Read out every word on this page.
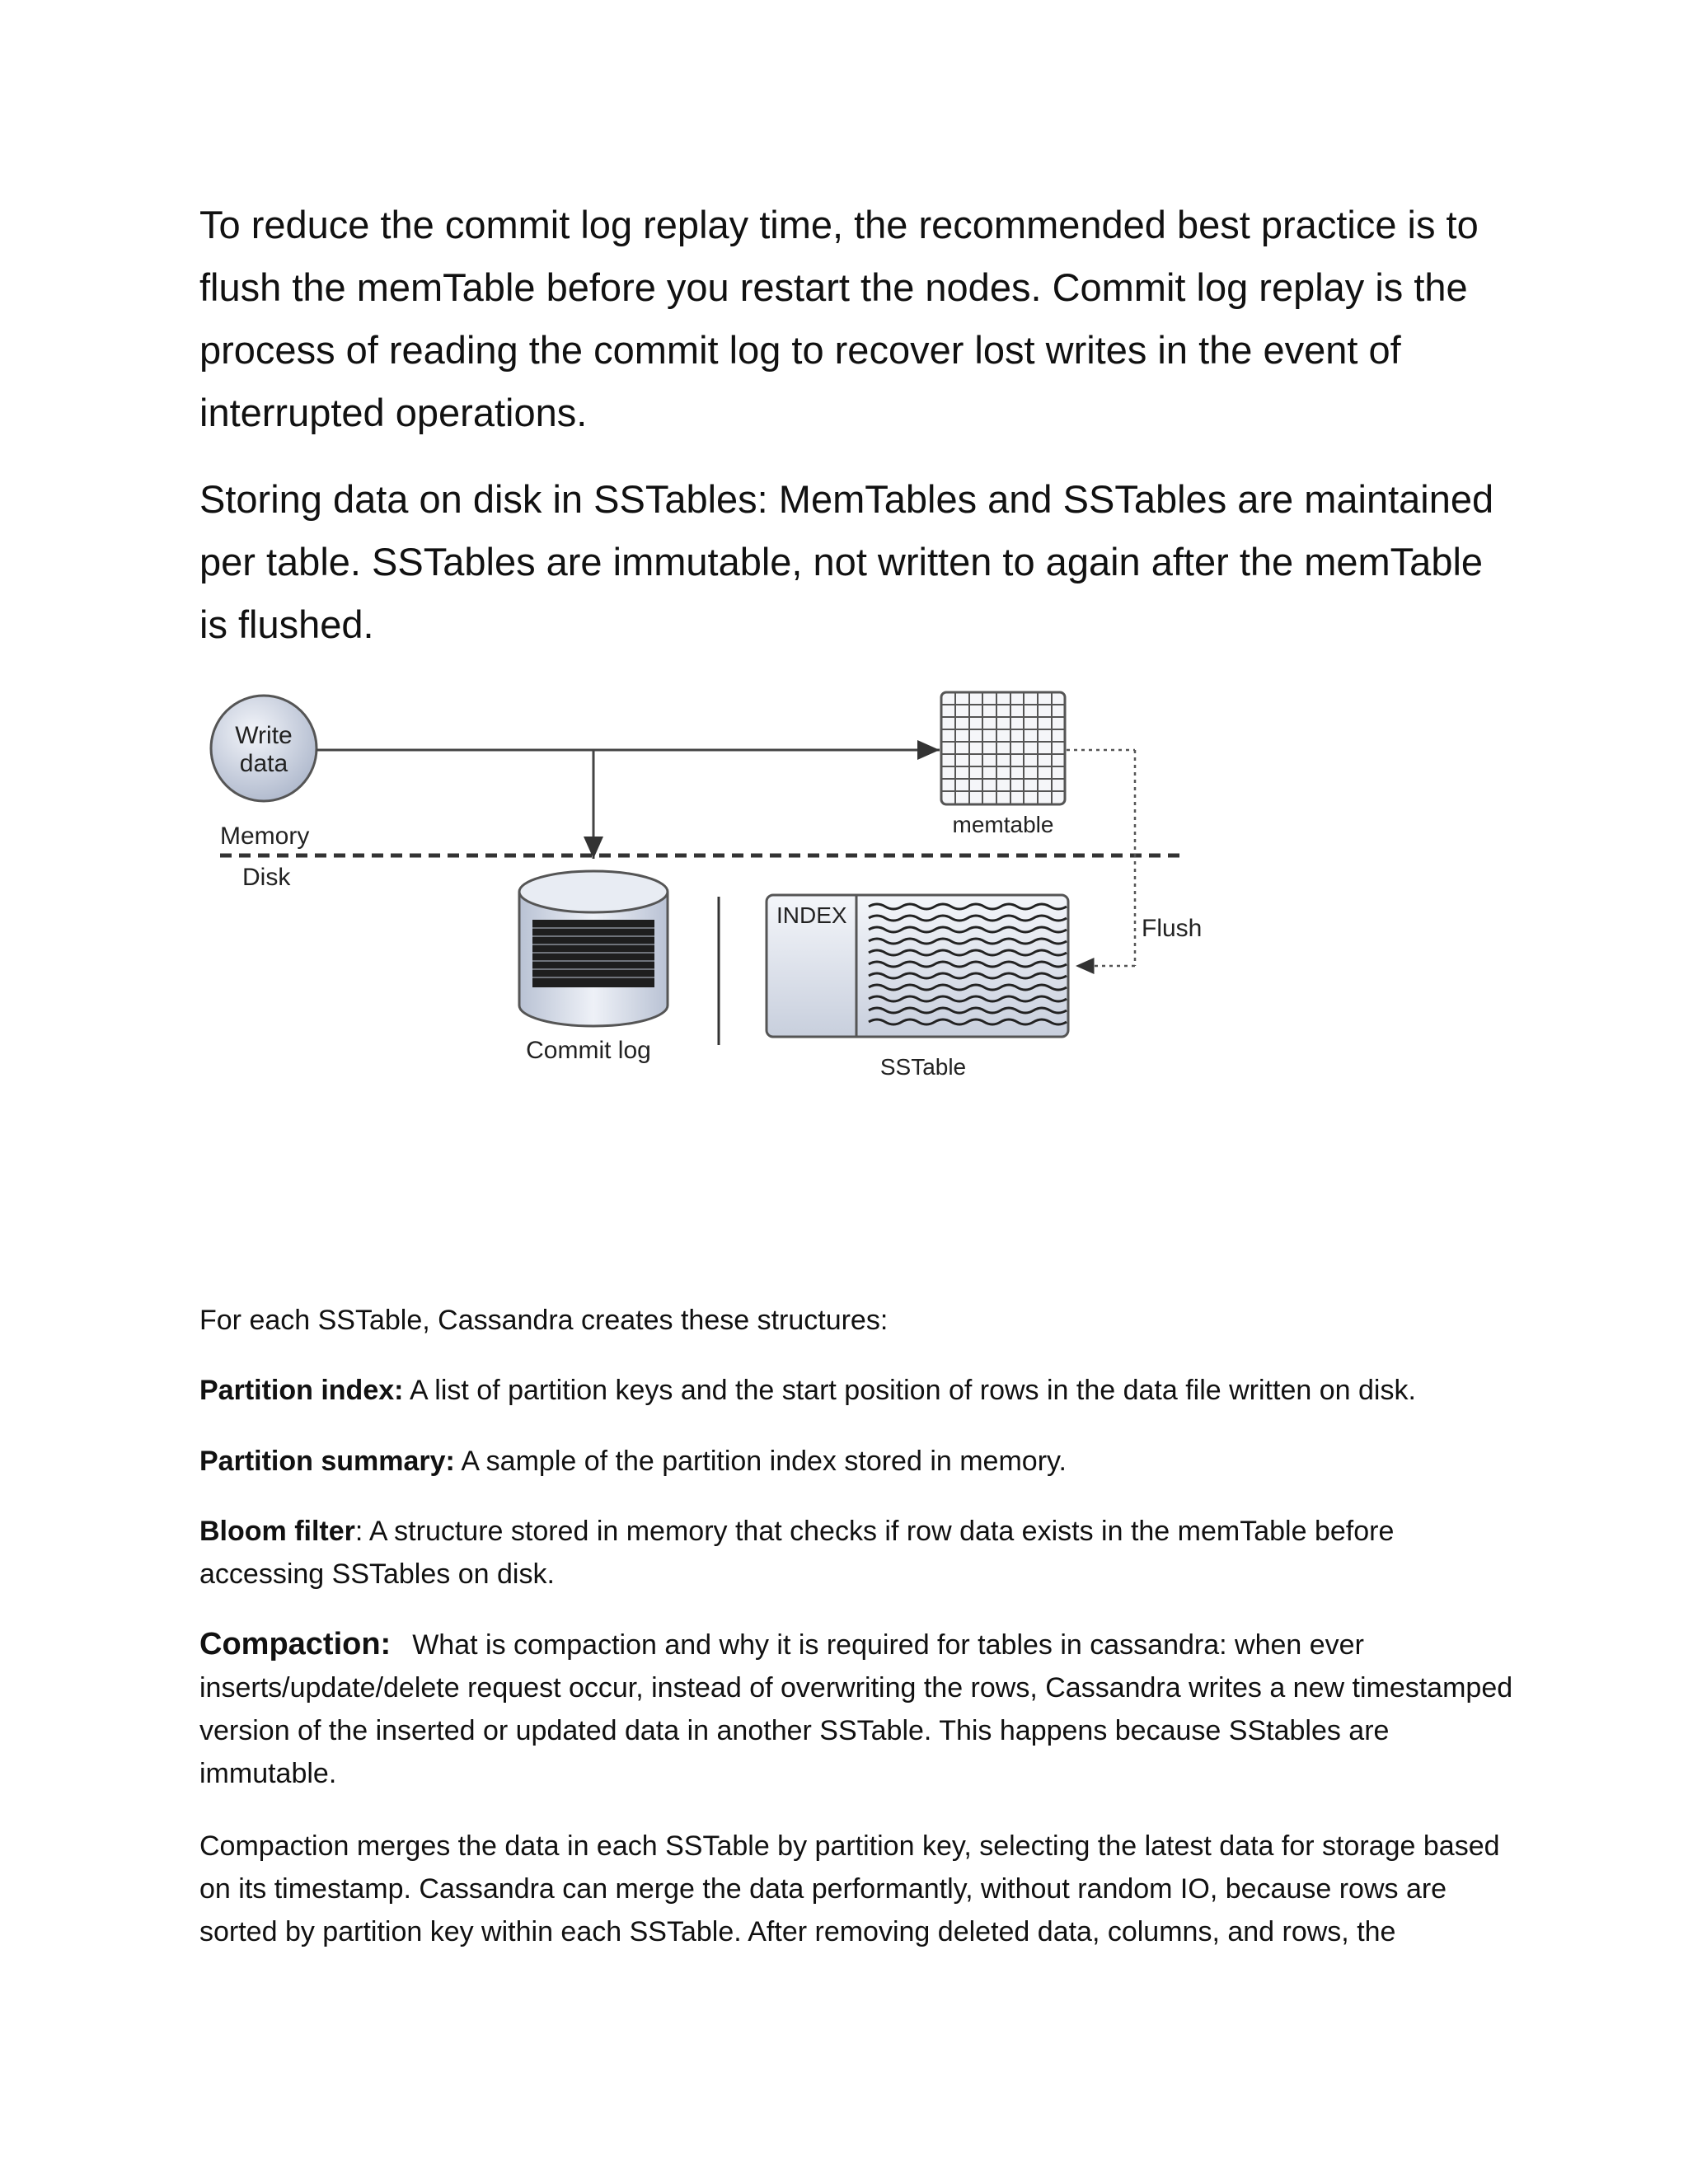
To reduce the commit log replay time, the recommended best practice is to flush the memTable before you restart the nodes. Commit log replay is the process of reading the commit log to recover lost writes in the event of interrupted operations.

Storing data on disk in SSTables: MemTables and SSTables are maintained per table. SSTables are immutable, not written to again after the memTable is flushed.

Write
data
memtable
Memory
Disk
Flush
Commit log
INDEX
SSTable

For each SSTable, Cassandra creates these structures:

Partition index: A list of partition keys and the start position of rows in the data file written on disk.

Partition summary: A sample of the partition index stored in memory.

Bloom filter: A structure stored in memory that checks if row data exists in the memTable before accessing SSTables on disk.

Compaction: What is compaction and why it is required for tables in cassandra: when ever inserts/update/delete request occur, instead of overwriting the rows, Cassandra writes a new timestamped version of the inserted or updated data in another SSTable. This happens because SStables are immutable.

Compaction merges the data in each SSTable by partition key, selecting the latest data for storage based on its timestamp. Cassandra can merge the data performantly, without random IO, because rows are sorted by partition key within each SSTable. After removing deleted data, columns, and rows, the
